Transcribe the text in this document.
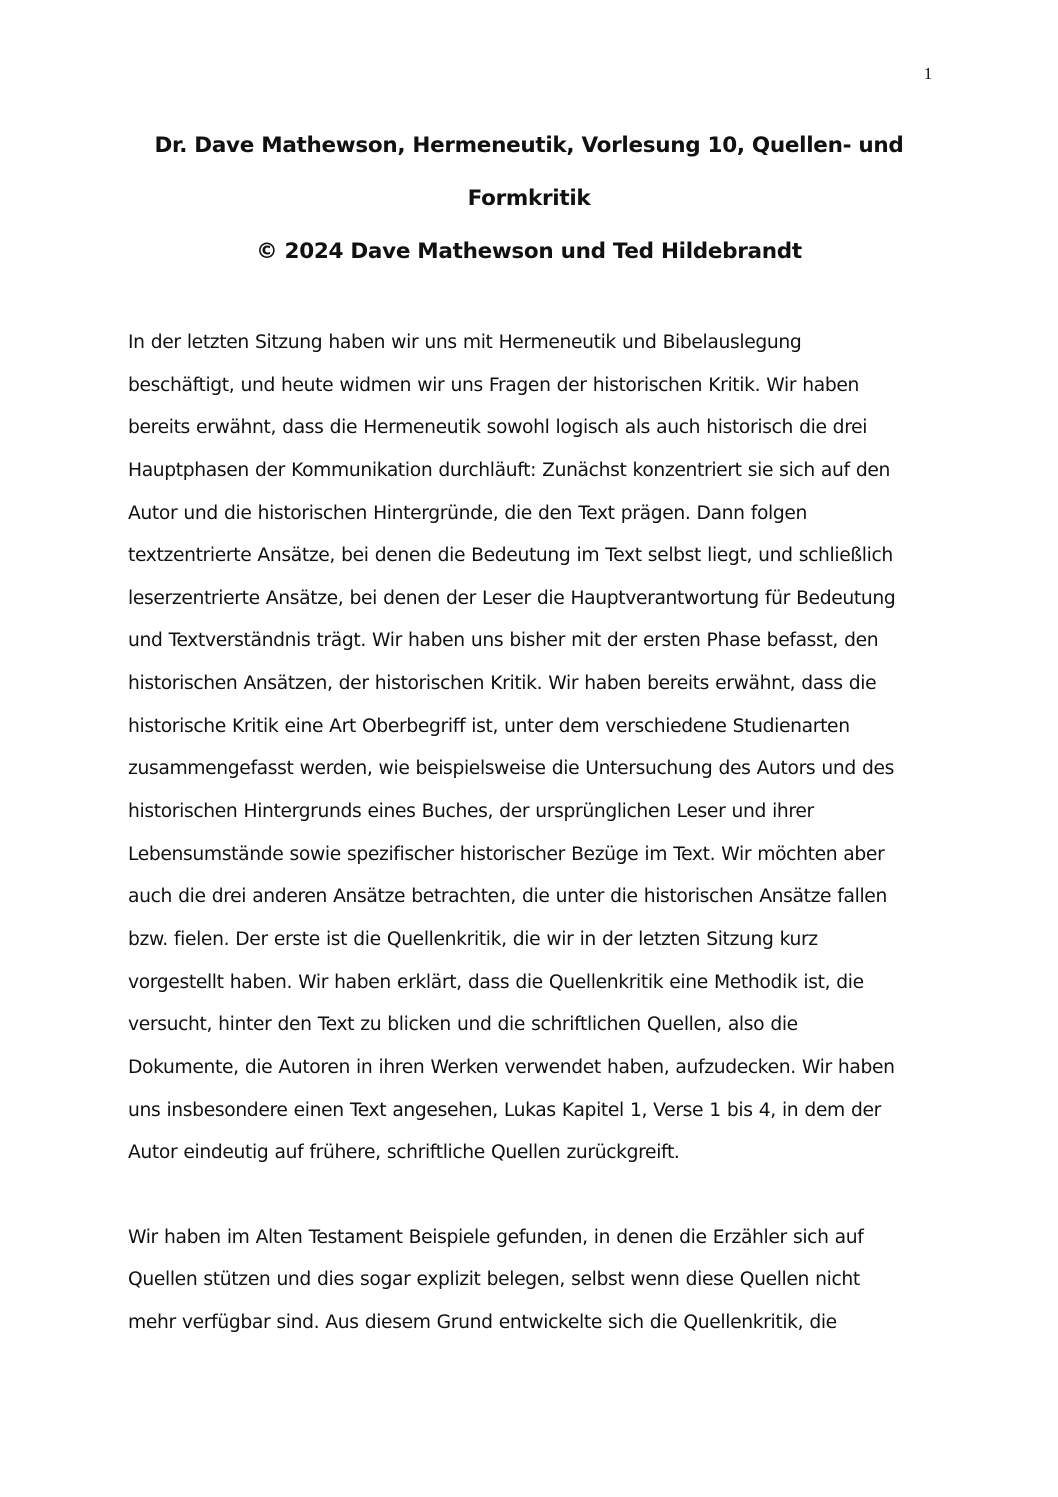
1
Dr. Dave Mathewson, Hermeneutik, Vorlesung 10, Quellen- und
Formkritik
© 2024 Dave Mathewson und Ted Hildebrandt
In der letzten Sitzung haben wir uns mit Hermeneutik und Bibelauslegung
beschäftigt, und heute widmen wir uns Fragen der historischen Kritik. Wir haben
bereits erwähnt, dass die Hermeneutik sowohl logisch als auch historisch die drei
Hauptphasen der Kommunikation durchläuft: Zunächst konzentriert sie sich auf den
Autor und die historischen Hintergründe, die den Text prägen. Dann folgen
textzentrierte Ansätze, bei denen die Bedeutung im Text selbst liegt, und schließlich
leserzentrierte Ansätze, bei denen der Leser die Hauptverantwortung für Bedeutung
und Textverständnis trägt. Wir haben uns bisher mit der ersten Phase befasst, den
historischen Ansätzen, der historischen Kritik. Wir haben bereits erwähnt, dass die
historische Kritik eine Art Oberbegriff ist, unter dem verschiedene Studienarten
zusammengefasst werden, wie beispielsweise die Untersuchung des Autors und des
historischen Hintergrunds eines Buches, der ursprünglichen Leser und ihrer
Lebensumstände sowie spezifischer historischer Bezüge im Text. Wir möchten aber
auch die drei anderen Ansätze betrachten, die unter die historischen Ansätze fallen
bzw. fielen. Der erste ist die Quellenkritik, die wir in der letzten Sitzung kurz
vorgestellt haben. Wir haben erklärt, dass die Quellenkritik eine Methodik ist, die
versucht, hinter den Text zu blicken und die schriftlichen Quellen, also die
Dokumente, die Autoren in ihren Werken verwendet haben, aufzudecken. Wir haben
uns insbesondere einen Text angesehen, Lukas Kapitel 1, Verse 1 bis 4, in dem der
Autor eindeutig auf frühere, schriftliche Quellen zurückgreift.
Wir haben im Alten Testament Beispiele gefunden, in denen die Erzähler sich auf
Quellen stützen und dies sogar explizit belegen, selbst wenn diese Quellen nicht
mehr verfügbar sind. Aus diesem Grund entwickelte sich die Quellenkritik, die
